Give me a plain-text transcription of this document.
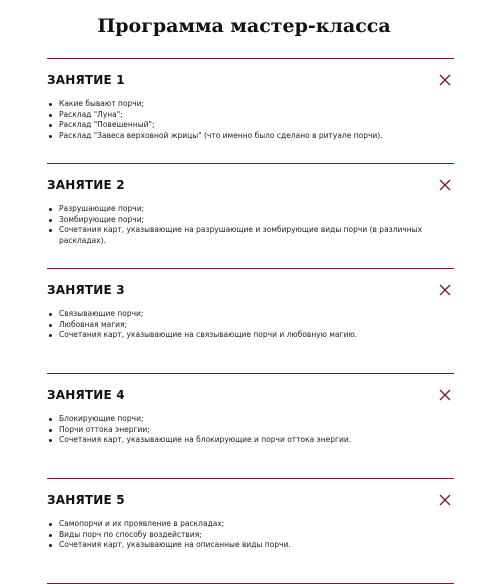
Программа мастер-класса
ЗАНЯТИЕ 1
Какие бывают порчи;
Расклад "Луна";
Расклад "Повешенный";
Расклад "Завеса верховной жрицы" (что именно было сделано в ритуале порчи).
ЗАНЯТИЕ 2
Разрушающие порчи;
Зомбирующие порчи;
Сочетания карт, указывающие на разрушающие и зомбирующие виды порчи (в различных раскладах).
ЗАНЯТИЕ 3
Связывающие порчи;
Любовная магия;
Сочетания карт, указывающие на связывающие порчи и любовную магию.
ЗАНЯТИЕ 4
Блокирующие порчи;
Порчи оттока энергии;
Сочетания карт, указывающие на блокирующие и порчи оттока энергии.
ЗАНЯТИЕ 5
Самопорчи и их проявление в раскладах;
Виды порч по способу воздействия;
Сочетания карт, указывающие на описанные виды порчи.
